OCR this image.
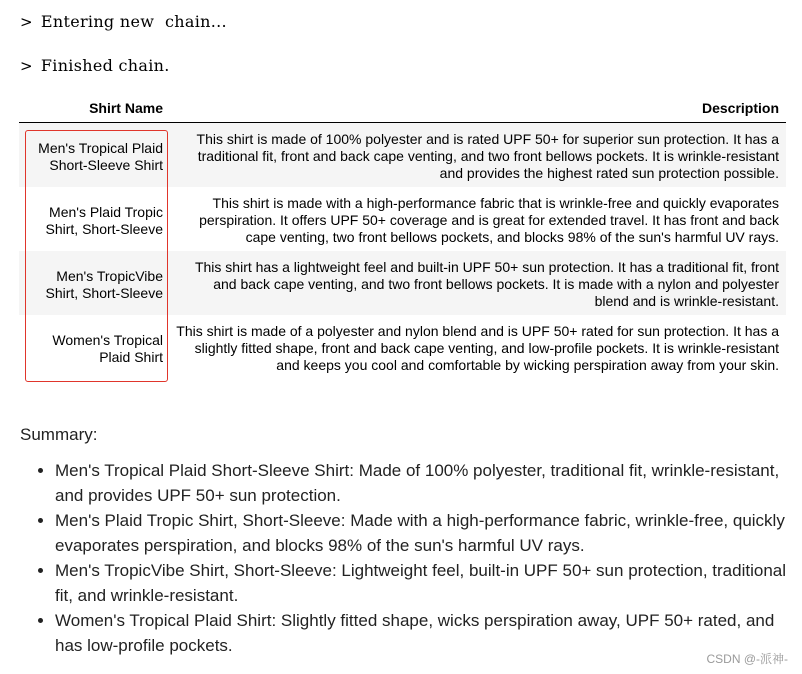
> Entering new  chain...
> Finished chain.
Shirt Name	Description
Men's Tropical Plaid Short-Sleeve Shirt	This shirt is made of 100% polyester and is rated UPF 50+ for superior sun protection. It has a traditional fit, front and back cape venting, and two front bellows pockets. It is wrinkle-resistant and provides the highest rated sun protection possible.
Men's Plaid Tropic Shirt, Short-Sleeve	This shirt is made with a high-performance fabric that is wrinkle-free and quickly evaporates perspiration. It offers UPF 50+ coverage and is great for extended travel. It has front and back cape venting, two front bellows pockets, and blocks 98% of the sun's harmful UV rays.
Men's TropicVibe Shirt, Short-Sleeve	This shirt has a lightweight feel and built-in UPF 50+ sun protection. It has a traditional fit, front and back cape venting, and two front bellows pockets. It is made with a nylon and polyester blend and is wrinkle-resistant.
Women's Tropical Plaid Shirt	This shirt is made of a polyester and nylon blend and is UPF 50+ rated for sun protection. It has a slightly fitted shape, front and back cape venting, and low-profile pockets. It is wrinkle-resistant and keeps you cool and comfortable by wicking perspiration away from your skin.

Summary:

• Men's Tropical Plaid Short-Sleeve Shirt: Made of 100% polyester, traditional fit, wrinkle-resistant, and provides UPF 50+ sun protection.
• Men's Plaid Tropic Shirt, Short-Sleeve: Made with a high-performance fabric, wrinkle-free, quickly evaporates perspiration, and blocks 98% of the sun's harmful UV rays.
• Men's TropicVibe Shirt, Short-Sleeve: Lightweight feel, built-in UPF 50+ sun protection, traditional fit, and wrinkle-resistant.
• Women's Tropical Plaid Shirt: Slightly fitted shape, wicks perspiration away, UPF 50+ rated, and has low-profile pockets.
CSDN @-派神-
